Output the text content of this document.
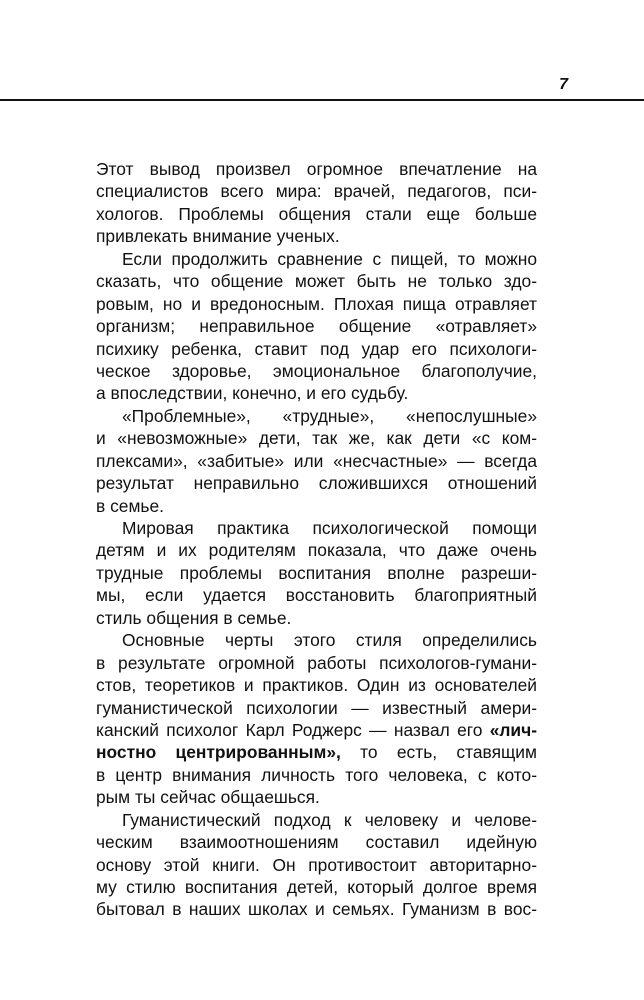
7
Этот вывод произвел огромное впечатление на
специалистов всего мира: врачей, педагогов, пси-
хологов. Проблемы общения стали еще больше
привлекать внимание ученых.
Если продолжить сравнение с пищей, то можно
сказать, что общение может быть не только здо-
ровым, но и вредоносным. Плохая пища отравляет
организм; неправильное общение «отравляет»
психику ребенка, ставит под удар его психологи-
ческое здоровье, эмоциональное благополучие,
а впоследствии, конечно, и его судьбу.
«Проблемные», «трудные», «непослушные»
и «невозможные» дети, так же, как дети «с ком-
плексами», «забитые» или «несчастные» — всегда
результат неправильно сложившихся отношений
в семье.
Мировая практика психологической помощи
детям и их родителям показала, что даже очень
трудные проблемы воспитания вполне разреши-
мы, если удается восстановить благоприятный
стиль общения в семье.
Основные черты этого стиля определились
в результате огромной работы психологов-гумани-
стов, теоретиков и практиков. Один из основателей
гуманистической психологии — известный амери-
канский психолог Карл Роджерс — назвал его «лич-
ностно центрированным», то есть, ставящим
в центр внимания личность того человека, с кото-
рым ты сейчас общаешься.
Гуманистический подход к человеку и челове-
ческим взаимоотношениям составил идейную
основу этой книги. Он противостоит авторитарно-
му стилю воспитания детей, который долгое время
бытовал в наших школах и семьях. Гуманизм в вос-
